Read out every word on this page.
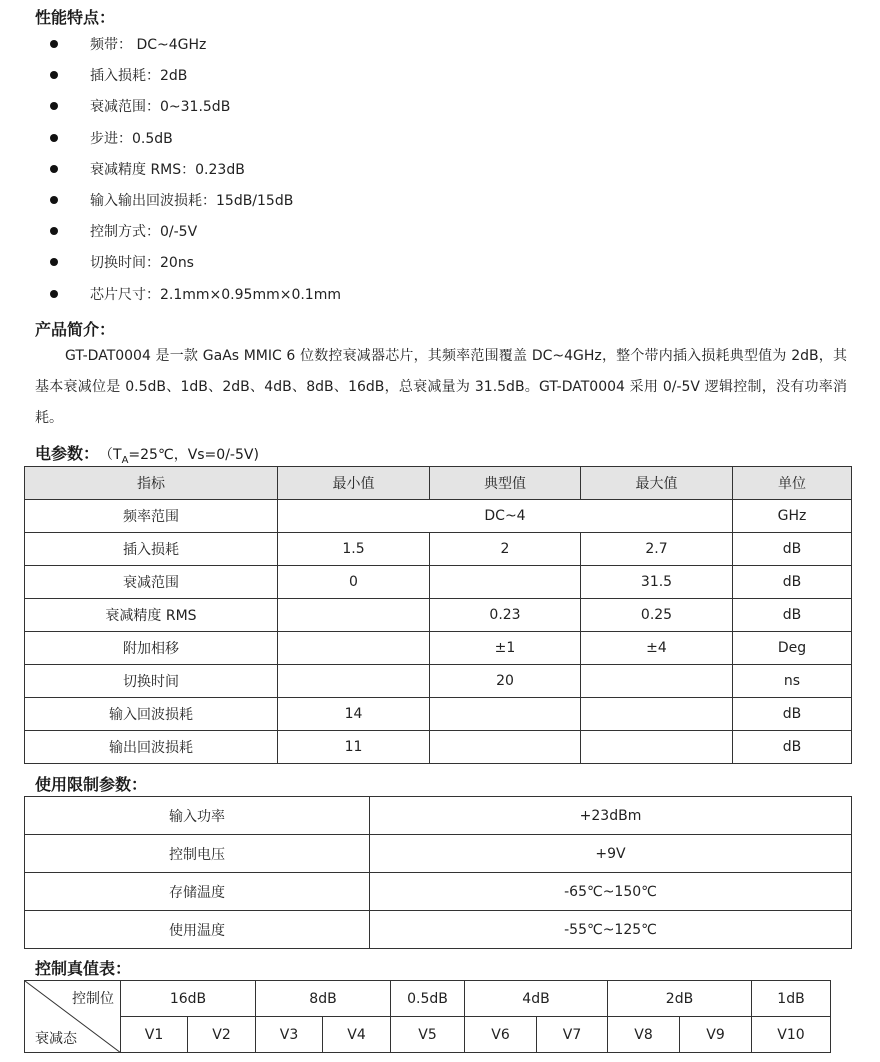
性能特点：
频带： DC~4GHz
插入损耗：2dB
衰减范围：0~31.5dB
步进：0.5dB
衰减精度 RMS：0.23dB
输入输出回波损耗：15dB/15dB
控制方式：0/-5V
切换时间：20ns
芯片尺寸：2.1mm×0.95mm×0.1mm
产品简介：
GT-DAT0004 是一款 GaAs MMIC 6 位数控衰减器芯片，其频率范围覆盖 DC~4GHz，整个带内插入损耗典型值为 2dB，其基本衰减位是 0.5dB、1dB、2dB、4dB、8dB、16dB，总衰减量为 31.5dB。GT-DAT0004 采用 0/-5V 逻辑控制，没有功率消耗。
电参数： （$T_A=25℃$，Vs=0/-5V)
指标	最小值	典型值	最大值	单位
频率范围	DC~4			GHz
插入损耗	1.5	2	2.7	dB
衰减范围	0		31.5	dB
衰减精度 RMS		0.23	0.25	dB
附加相移		±1	±4	Deg
切换时间		20		ns
输入回波损耗	14			dB
输出回波损耗	11			dB
使用限制参数：
输入功率	+23dBm
控制电压	+9V
存储温度	-65℃~150℃
使用温度	-55℃~125℃
控制真值表：
控制位
衰减态	16dB		8dB		0.5dB	4dB		2dB		1dB
	V1	V2	V3	V4	V5	V6	V7	V8	V9	V10
